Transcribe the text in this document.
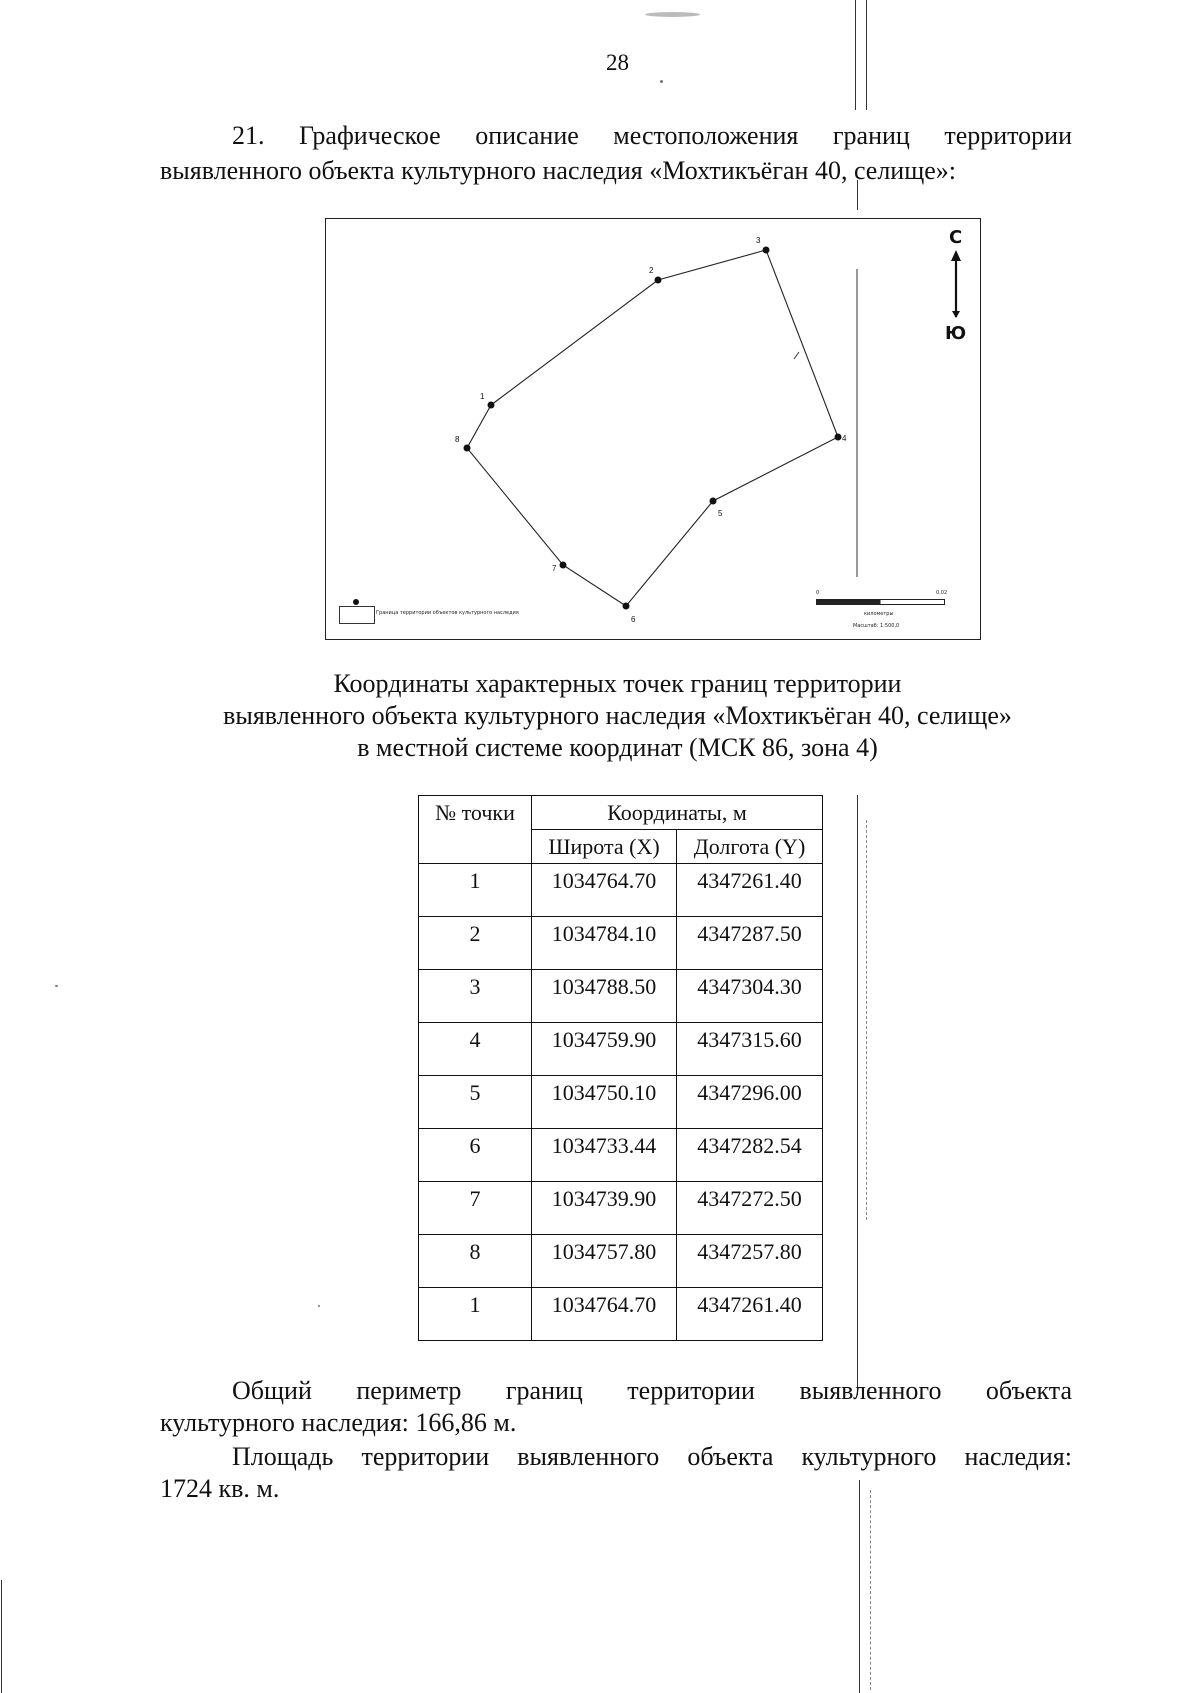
28
21. Графическое описание местоположения границ территории
выявленного объекта культурного наследия «Мохтикъёган 40, селище»:
1
2
3
4
5
6
7
8
С
Ю
Граница территории объектов культурного наследия
0	0,02
километры
Масштаб: 1:500,0
Координаты характерных точек границ территории
выявленного объекта культурного наследия «Мохтикъёган 40, селище»
в местной системе координат (МСК 86, зона 4)
№ точки	Координаты, м	
	Широта (X)	Долгота (Y)
1	1034764.70	4347261.40
2	1034784.10	4347287.50
3	1034788.50	4347304.30
4	1034759.90	4347315.60
5	1034750.10	4347296.00
6	1034733.44	4347282.54
7	1034739.90	4347272.50
8	1034757.80	4347257.80
1	1034764.70	4347261.40
Общий периметр границ территории выявленного объекта
культурного наследия: 166,86 м.
Площадь территории выявленного объекта культурного наследия:
1724 кв. м.
